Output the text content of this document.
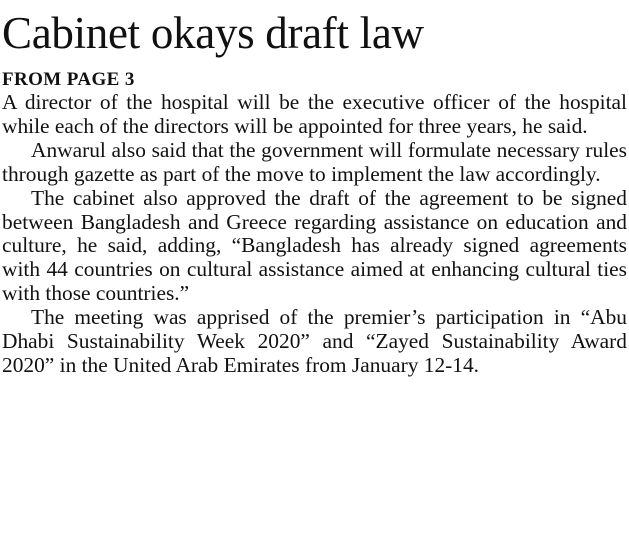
Cabinet okays draft law
FROM PAGE 3

A director of the hospital will be the executive officer of the hospital while each of the directors will be appointed for three years, he said.

Anwarul also said that the government will formulate necessary rules through gazette as part of the move to implement the law accordingly.

The cabinet also approved the draft of the agreement to be signed between Bangladesh and Greece regarding assistance on education and culture, he said, adding, “Bangladesh has already signed agreements with 44 countries on cultural assistance aimed at enhancing cultural ties with those countries.”

The meeting was apprised of the premier’s participation in “Abu Dhabi Sustainability Week 2020” and “Zayed Sustainability Award 2020” in the United Arab Emirates from January 12-14.
